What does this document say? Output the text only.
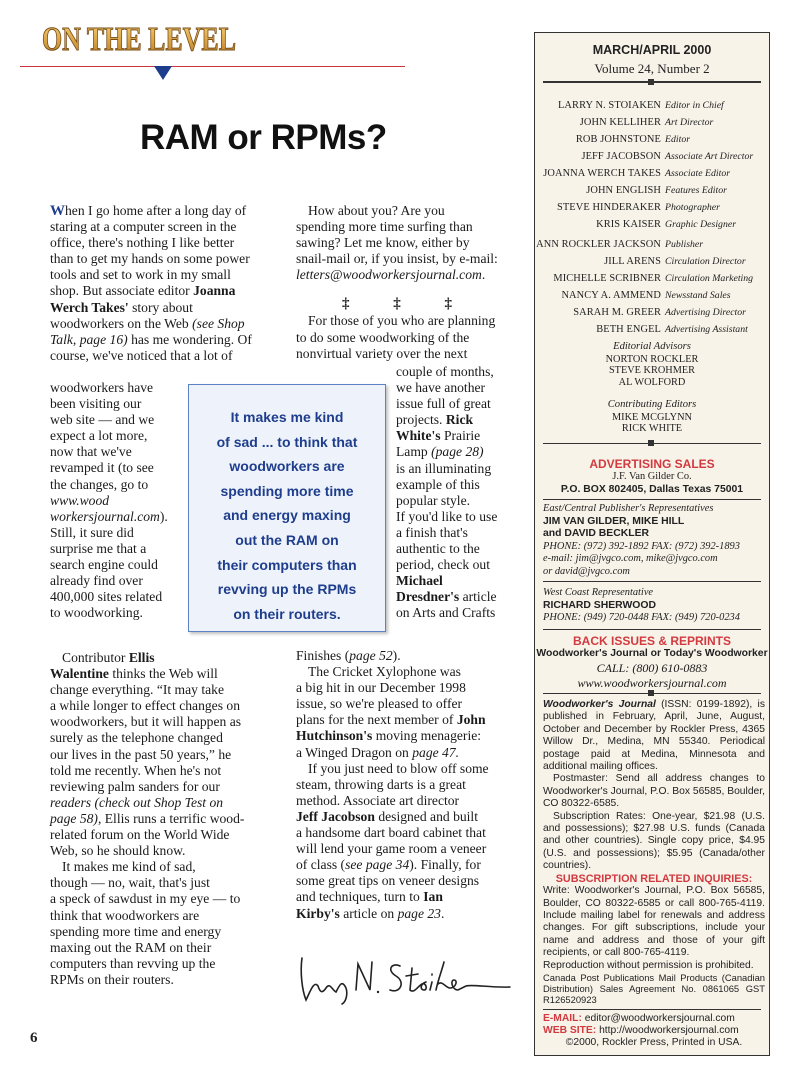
ON THE LEVEL
RAM or RPMs?
When I go home after a long day of
staring at a computer screen in the
office, there's nothing I like better
than to get my hands on some power
tools and set to work in my small
shop. But associate editor Joanna
Werch Takes' story about
woodworkers on the Web (see Shop
Talk, page 16) has me wondering. Of
course, we've noticed that a lot of
woodworkers have
been visiting our
web site — and we
expect a lot more,
now that we've
revamped it (to see
the changes, go to
www.wood
workersjournal.com).
Still, it sure did
surprise me that a
search engine could
already find over
400,000 sites related
to woodworking.
Contributor Ellis
Walentine thinks the Web will
change everything. “It may take
a while longer to effect changes on
woodworkers, but it will happen as
surely as the telephone changed
our lives in the past 50 years,” he
told me recently. When he's not
reviewing palm sanders for our
readers (check out Shop Test on
page 58), Ellis runs a terrific wood-
related forum on the World Wide
Web, so he should know.
It makes me kind of sad,
though — no, wait, that's just
a speck of sawdust in my eye — to
think that woodworkers are
spending more time and energy
maxing out the RAM on their
computers than revving up the
RPMs on their routers.
How about you? Are you
spending more time surfing than
sawing? Let me know, either by
snail-mail or, if you insist, by e-mail:
letters@woodworkersjournal.com.
For those of you who are planning
to do some woodworking of the
nonvirtual variety over the next
‡ ‡ ‡
couple of months,
we have another
issue full of great
projects. Rick
White's Prairie
Lamp (page 28)
is an illuminating
example of this
popular style.
If you'd like to use
a finish that's
authentic to the
period, check out
Michael
Dresdner's article
on Arts and Crafts
Finishes (page 52).
The Cricket Xylophone was
a big hit in our December 1998
issue, so we're pleased to offer
plans for the next member of John
Hutchinson's moving menagerie:
a Winged Dragon on page 47.
If you just need to blow off some
steam, throwing darts is a great
method. Associate art director
Jeff Jacobson designed and built
a handsome dart board cabinet that
will lend your game room a veneer
of class (see page 34). Finally, for
some great tips on veneer designs
and techniques, turn to Ian
Kirby's article on page 23.
It makes me kind
of sad ... to think that
woodworkers are
spending more time
and energy maxing
out the RAM on
their computers than
revving up the RPMs
on their routers.
6
MARCH/APRIL 2000
Volume 24, Number 2
LARRY N. STOIAKEN Editor in Chief
JOHN KELLIHER Art Director
ROB JOHNSTONE Editor
JEFF JACOBSON Associate Art Director
JOANNA WERCH TAKES Associate Editor
JOHN ENGLISH Features Editor
STEVE HINDERAKER Photographer
KRIS KAISER Graphic Designer
ANN ROCKLER JACKSON Publisher
JILL ARENS Circulation Director
MICHELLE SCRIBNER Circulation Marketing
NANCY A. AMMEND Newsstand Sales
SARAH M. GREER Advertising Director
BETH ENGEL Advertising Assistant
Editorial Advisors
NORTON ROCKLER
STEVE KROHMER
AL WOLFORD
Contributing Editors
MIKE MCGLYNN
RICK WHITE
ADVERTISING SALES
J.F. Van Gilder Co.
P.O. BOX 802405, Dallas Texas 75001
East/Central Publisher's Representatives
JIM VAN GILDER, MIKE HILL
and DAVID BECKLER
PHONE: (972) 392-1892 FAX: (972) 392-1893
e-mail: jim@jvgco.com, mike@jvgco.com
or david@jvgco.com
West Coast Representative
RICHARD SHERWOOD
PHONE: (949) 720-0448 FAX: (949) 720-0234
BACK ISSUES & REPRINTS
Woodworker's Journal or Today's Woodworker
CALL: (800) 610-0883
www.woodworkersjournal.com

Woodworker's Journal (ISSN: 0199-1892), is published in February, April, June, August, October and December by Rockler Press, 4365 Willow Dr., Medina, MN 55340. Periodical postage paid at Medina, Minnesota and additional mailing offices.

Postmaster: Send all address changes to Woodworker's Journal, P.O. Box 56585, Boulder, CO 80322-6585.

Subscription Rates: One-year, $21.98 (U.S. and possessions); $27.98 U.S. funds (Canada and other countries). Single copy price, $4.95 (U.S. and possessions); $5.95 (Canada/other countries).

SUBSCRIPTION RELATED INQUIRIES:

Write: Woodworker's Journal, P.O. Box 56585, Boulder, CO 80322-6585 or call 800-765-4119. Include mailing label for renewals and address changes. For gift subscriptions, include your name and address and those of your gift recipients, or call 800-765-4119.

Reproduction without permission is prohibited.

Canada Post Publications Mail Products (Canadian Distribution) Sales Agreement No. 0861065 GST R126520923

E-MAIL: editor@woodworkersjournal.com
WEB SITE: http://woodworkersjournal.com
©2000, Rockler Press, Printed in USA.
